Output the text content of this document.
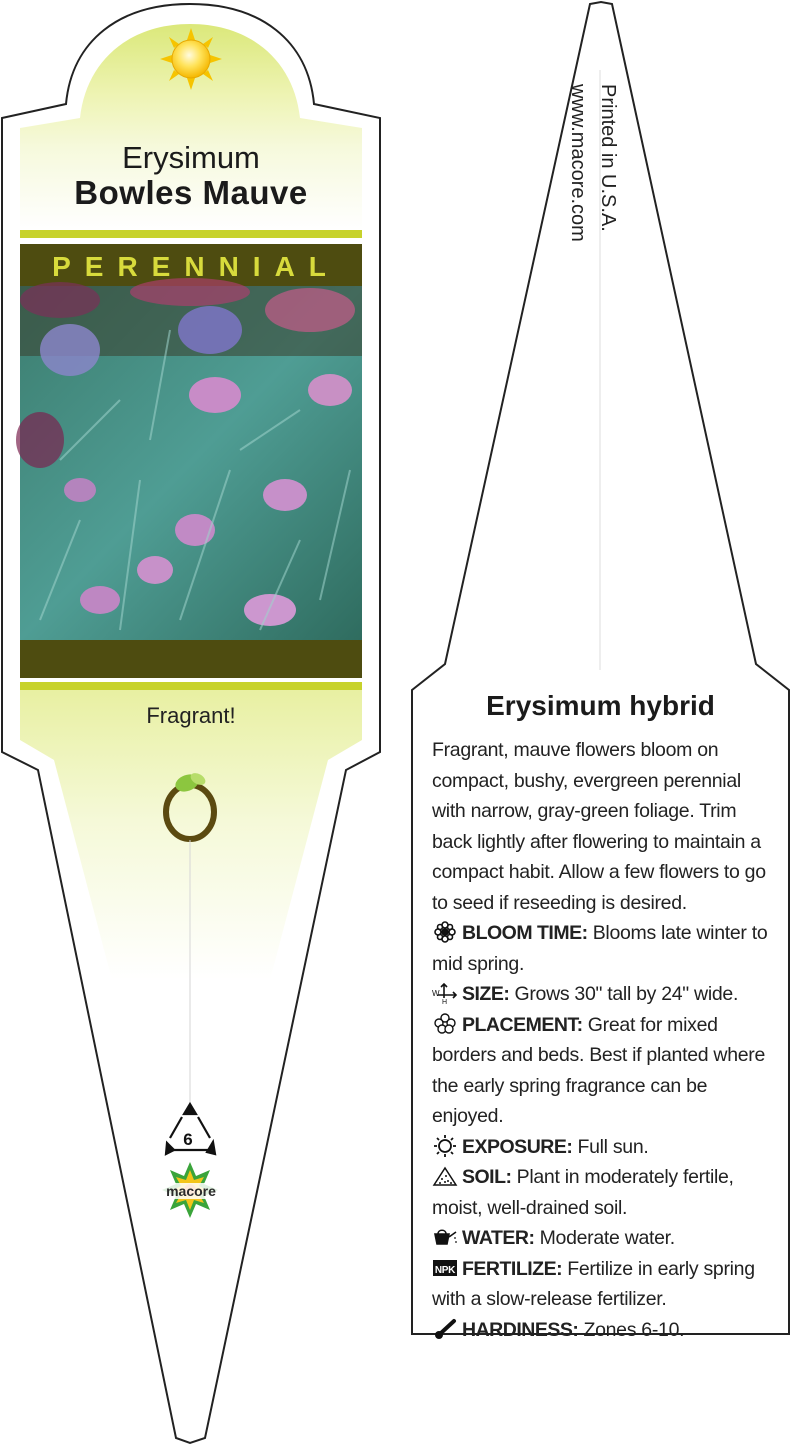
Erysimum
Bowles Mauve
PERENNIAL
Fragrant!
6
macore
Printed in U.S.A.
www.macore.com
Erysimum hybrid

Fragrant, mauve flowers bloom on compact, bushy, evergreen perennial with narrow, gray-green foliage. Trim back lightly after flowering to maintain a compact habit. Allow a few flowers to go to seed if reseeding is desired.

BLOOM TIME: Blooms late winter to mid spring.

W
H SIZE: Grows 30" tall by 24" wide.

PLACEMENT: Great for mixed borders and beds. Best if planted where the early spring fragrance can be enjoyed.

EXPOSURE: Full sun.

SOIL: Plant in moderately fertile, moist, well-drained soil.

WATER: Moderate water.

NPK FERTILIZE: Fertilize in early spring with a slow-release fertilizer.

HARDINESS: Zones 6-10.
